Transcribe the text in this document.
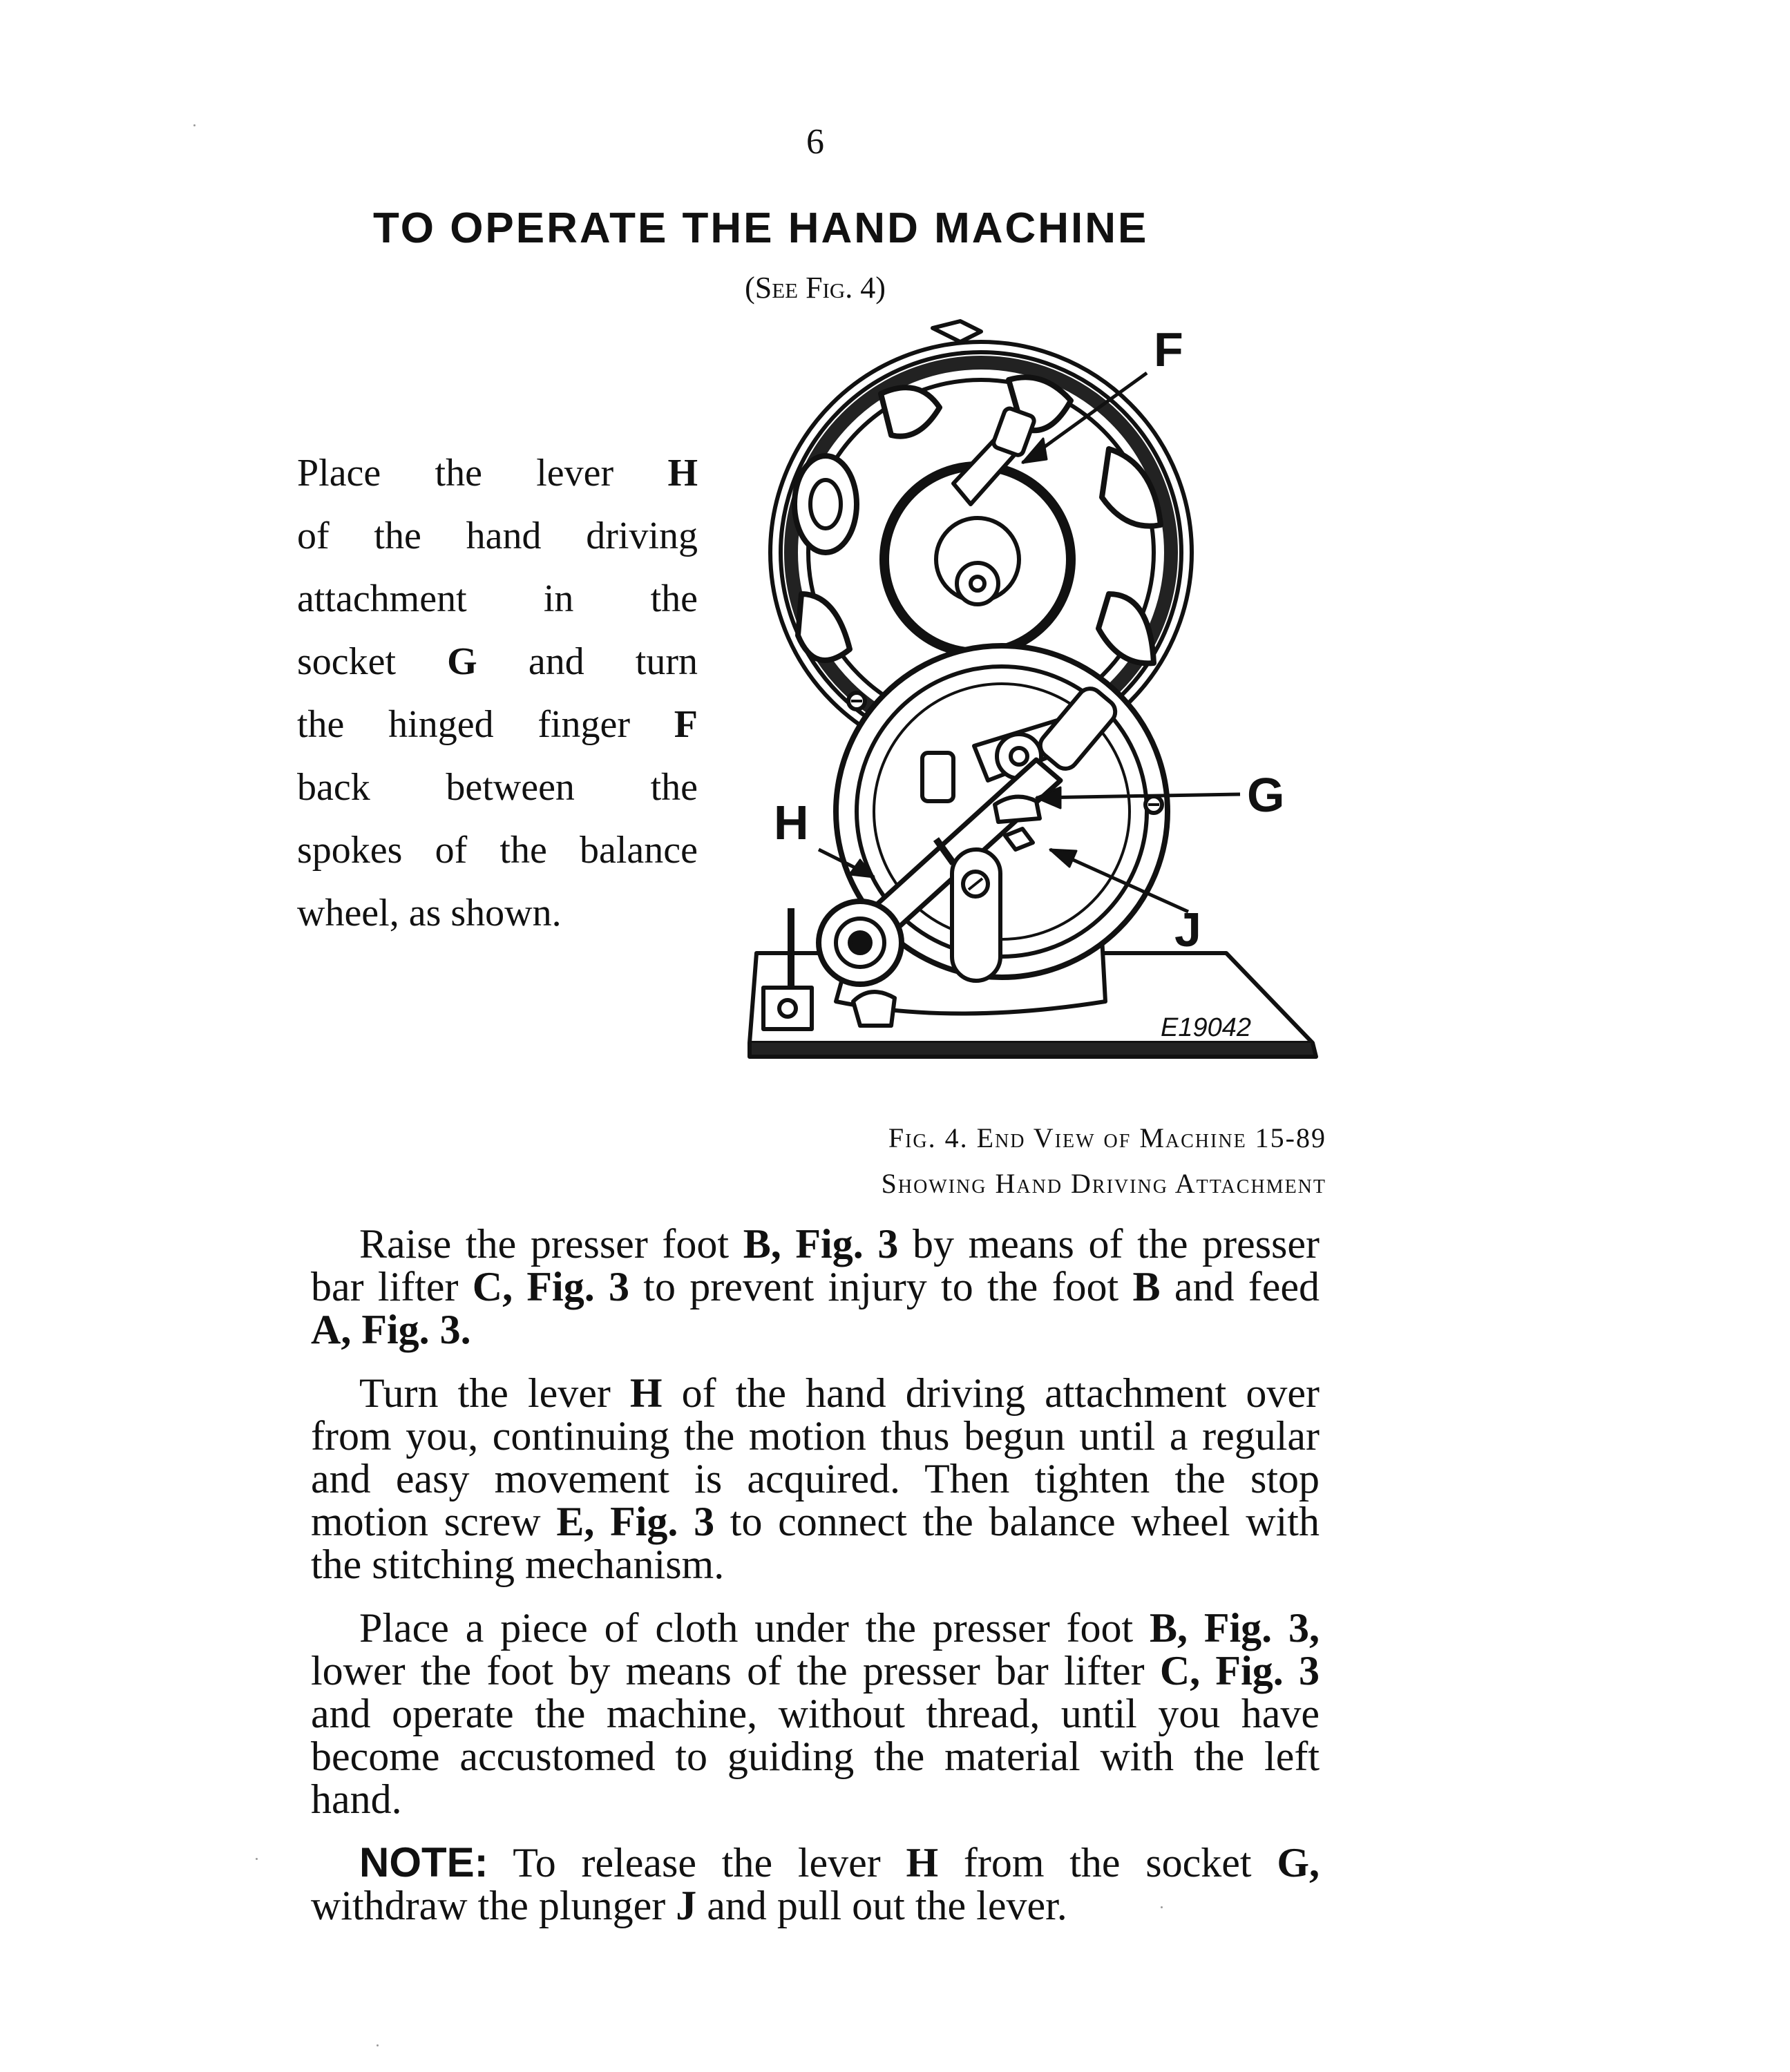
6
TO OPERATE THE HAND MACHINE
(See Fig. 4)
Place the lever H
of the hand driving
attachment in the
socket G and turn
the hinged finger F
back between the
spokes of the balance
wheel, as shown.
F
G
H
J
E19042
Fig. 4. End View of Machine 15-89
Showing Hand Driving Attachment

Raise the presser foot B, Fig. 3 by means of the presser bar lifter C, Fig. 3 to prevent injury to the foot B and feed A, Fig. 3.

Turn the lever H of the hand driving attachment over from you, continuing the motion thus begun until a regular and easy movement is acquired. Then tighten the stop motion screw E, Fig. 3 to connect the balance wheel with the stitching mechanism.

Place a piece of cloth under the presser foot B, Fig. 3, lower the foot by means of the presser bar lifter C, Fig. 3 and operate the machine, without thread, until you have become accustomed to guiding the material with the left hand.

NOTE: To release the lever H from the socket G, withdraw the plunger J and pull out the lever.
